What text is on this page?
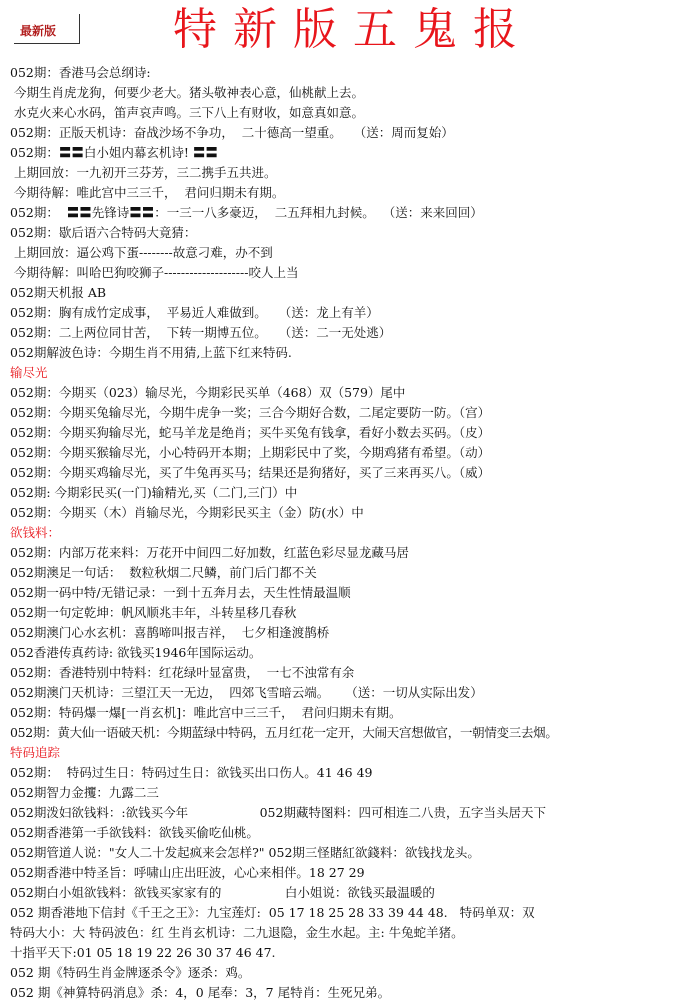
最新版	特新版五鬼报
052期：香港马会总纲诗:
今期生肖虎龙狗，何要少老大。猪头敬神表心意，仙桃献上去。
水克火来心水码，笛声哀声鸣。三下八上有财收，如意真如意。
052期：正版天机诗：奋战沙场不争功，  二十德高一望重。   （送：周而复始）
052期：〓〓白小姐内幕玄机诗! 〓〓
上期回放：一九初开三芬芳，三二携手五共进。
今期待解：唯此宫中三三千，  君问归期未有期。
052期：  〓〓先锋诗〓〓：一三一八多豪迈，  二五拜相九封候。  （送：来来回回）
052期：歇后语六合特码大竟猜：
上期回放：逼公鸡下蛋--------故意刁难，办不到
今期待解：叫哈巴狗咬狮子--------------------咬人上当
052期天机报 AB
052期：胸有成竹定成事，  平易近人难做到。   （送：龙上有羊）
052期：二上两位同甘苦，  下转一期博五位。   （送：二一无处逃）
052期解波色诗：今期生肖不用猜,上蓝下红来特码.
输尽光
052期：今期买（023）输尽光，今期彩民买单（468）双（579）尾中
052期：今期买兔输尽光，今期牛虎争一奖；三合今期好合数，二尾定要防一防。（宫）
052期：今期买狗输尽光，蛇马羊龙是绝肖；买牛买兔有钱拿，看好小数去买码。（皮）
052期：今期买猴输尽光，小心特码开本期；上期彩民中了奖，今期鸡猪有希望。（动）
052期：今期买鸡输尽光，买了牛兔再买马；结果还是狗猪好，买了三来再买八。（威）
052期: 今期彩民买(一门)输精光,买（二门,三门）中
052期：今期买（木）肖输尽光，今期彩民买主（金）防(水）中
欲钱料：
052期：内部万花来料：万花开中间四二好加数，红蓝色彩尽显龙藏马居
052期澳足一句话：  数粒秋烟二尺鳞，前门后门都不关
052期一码中特/无错记录：一到十五奔月去，天生性情最温顺
052期一句定乾坤：帆风顺兆丰年，斗转星移几春秋
052期澳门心水玄机：喜鹊啼叫报吉祥，  七夕相逢渡鹊桥
052香港传真药诗: 欲钱买1946年国际运动。
052期：香港特别中特料：红花绿叶显富贵，  一七不浊常有余
052期澳门天机诗：三望江天一无边，  四郊飞雪暗云端。    （送：一切从实际出发）
052期：特码爆一爆[一肖玄机]：唯此宫中三三千，  君问归期未有期。
052期：黄大仙一语破天机：今期蓝绿中特码，五月红花一定开，大闹天宫想做官，一朝情变三去烟。
特码追踪
052期：  特码过生日：特码过生日：欲钱买出口伤人。41 46 49
052期智力金攫：九露二三
052期泼妇欲钱料：:欲钱买今年                  052期藏特图料：四可相连二八贵，五字当头居天下
052期香港第一手欲钱料：欲钱买偷吃仙桃。
052期管道人说："女人二十发起疯来会怎样?" 052期三怪賭紅欲錢料：欲钱找龙头。
052期香港中特圣旨：呼啸山庄出旺波，心心来相伴。18 27 29
052期白小姐欲钱料：欲钱买家家有的                白小姐说：欲钱买最温暖的
052 期香港地下信封《千王之王》：九宝莲灯:  05 17 18 25 28 33 39 44 48.   特码单双：双
特码大小：大 特码波色：红 生肖玄机诗：二九退隐，金生水起。主: 牛兔蛇羊猪。
十指平天下:01 05 18 19 22 26 30 37 46 47.
052 期《特码生肖金牌逐杀令》逐杀：鸡。
052 期《神算特码消息》杀：4，0 尾奉：3，7 尾特肖：生死兄弟。
